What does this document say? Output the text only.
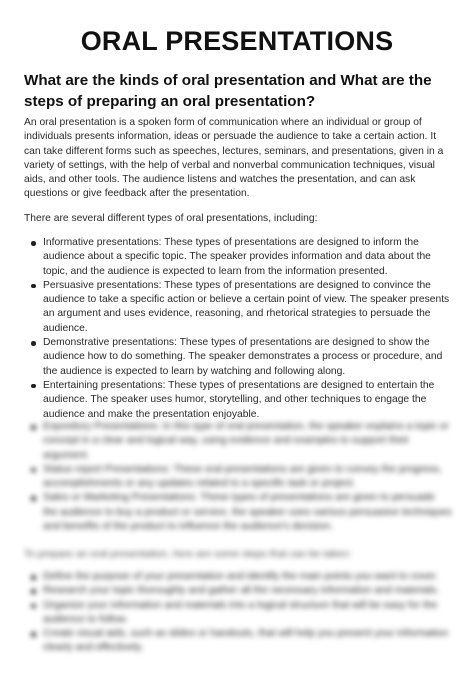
ORAL PRESENTATIONS
What are the kinds of oral presentation and What are the steps of preparing an oral presentation?

An oral presentation is a spoken form of communication where an individual or group of individuals presents information, ideas or persuade the audience to take a certain action. It can take different forms such as speeches, lectures, seminars, and presentations, given in a variety of settings, with the help of verbal and nonverbal communication techniques, visual aids, and other tools. The audience listens and watches the presentation, and can ask questions or give feedback after the presentation.

There are several different types of oral presentations, including:

Informative presentations: These types of presentations are designed to inform the audience about a specific topic. The speaker provides information and data about the topic, and the audience is expected to learn from the information presented.
Persuasive presentations: These types of presentations are designed to convince the audience to take a specific action or believe a certain point of view. The speaker presents an argument and uses evidence, reasoning, and rhetorical strategies to persuade the audience.
Demonstrative presentations: These types of presentations are designed to show the audience how to do something. The speaker demonstrates a process or procedure, and the audience is expected to learn by watching and following along.
Entertaining presentations: These types of presentations are designed to entertain the audience. The speaker uses humor, storytelling, and other techniques to engage the audience and make the presentation enjoyable.
Expository Presentations: In this type of oral presentation, the speaker explains a topic or concept in a clear and logical way, using evidence and examples to support their argument.
Status report Presentations: These oral presentations are given to convey the progress, accomplishments or any updates related to a specific task or project.
Sales or Marketing Presentations: These types of presentations are given to persuade the audience to buy a product or service, the speaker uses various persuasive techniques and benefits of the product to influence the audience's decision.

To prepare an oral presentation, here are some steps that can be taken:

Define the purpose of your presentation and identify the main points you want to cover.
Research your topic thoroughly and gather all the necessary information and materials.
Organize your information and materials into a logical structure that will be easy for the audience to follow.
Create visual aids, such as slides or handouts, that will help you present your information clearly and effectively.
